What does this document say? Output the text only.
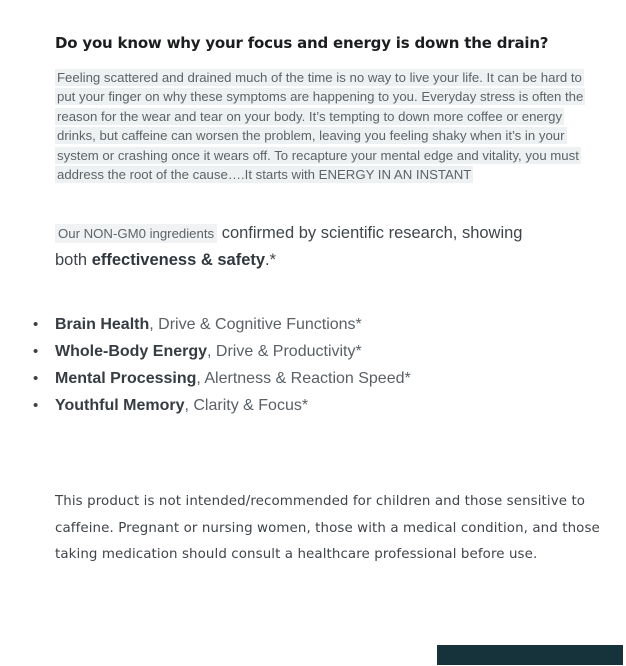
Do you know why your focus and energy is down the drain?

Feeling scattered and drained much of the time is no way to live your life. It can be hard to put your finger on why these symptoms are happening to you. Everyday stress is often the reason for the wear and tear on your body. It’s tempting to down more coffee or energy drinks, but caffeine can worsen the problem, leaving you feeling shaky when it’s in your system or crashing once it wears off. To recapture your mental edge and vitality, you must address the root of the cause….It starts with ENERGY IN AN INSTANT

Our NON-GM0 ingredients confirmed by scientific research, showing
both effectiveness & safety.*

• Brain Health, Drive & Cognitive Functions*
• Whole-Body Energy, Drive & Productivity*
• Mental Processing, Alertness & Reaction Speed*
• Youthful Memory, Clarity & Focus*

This product is not intended/recommended for children and those sensitive to caffeine. Pregnant or nursing women, those with a medical condition, and those taking medication should consult a healthcare professional before use.
